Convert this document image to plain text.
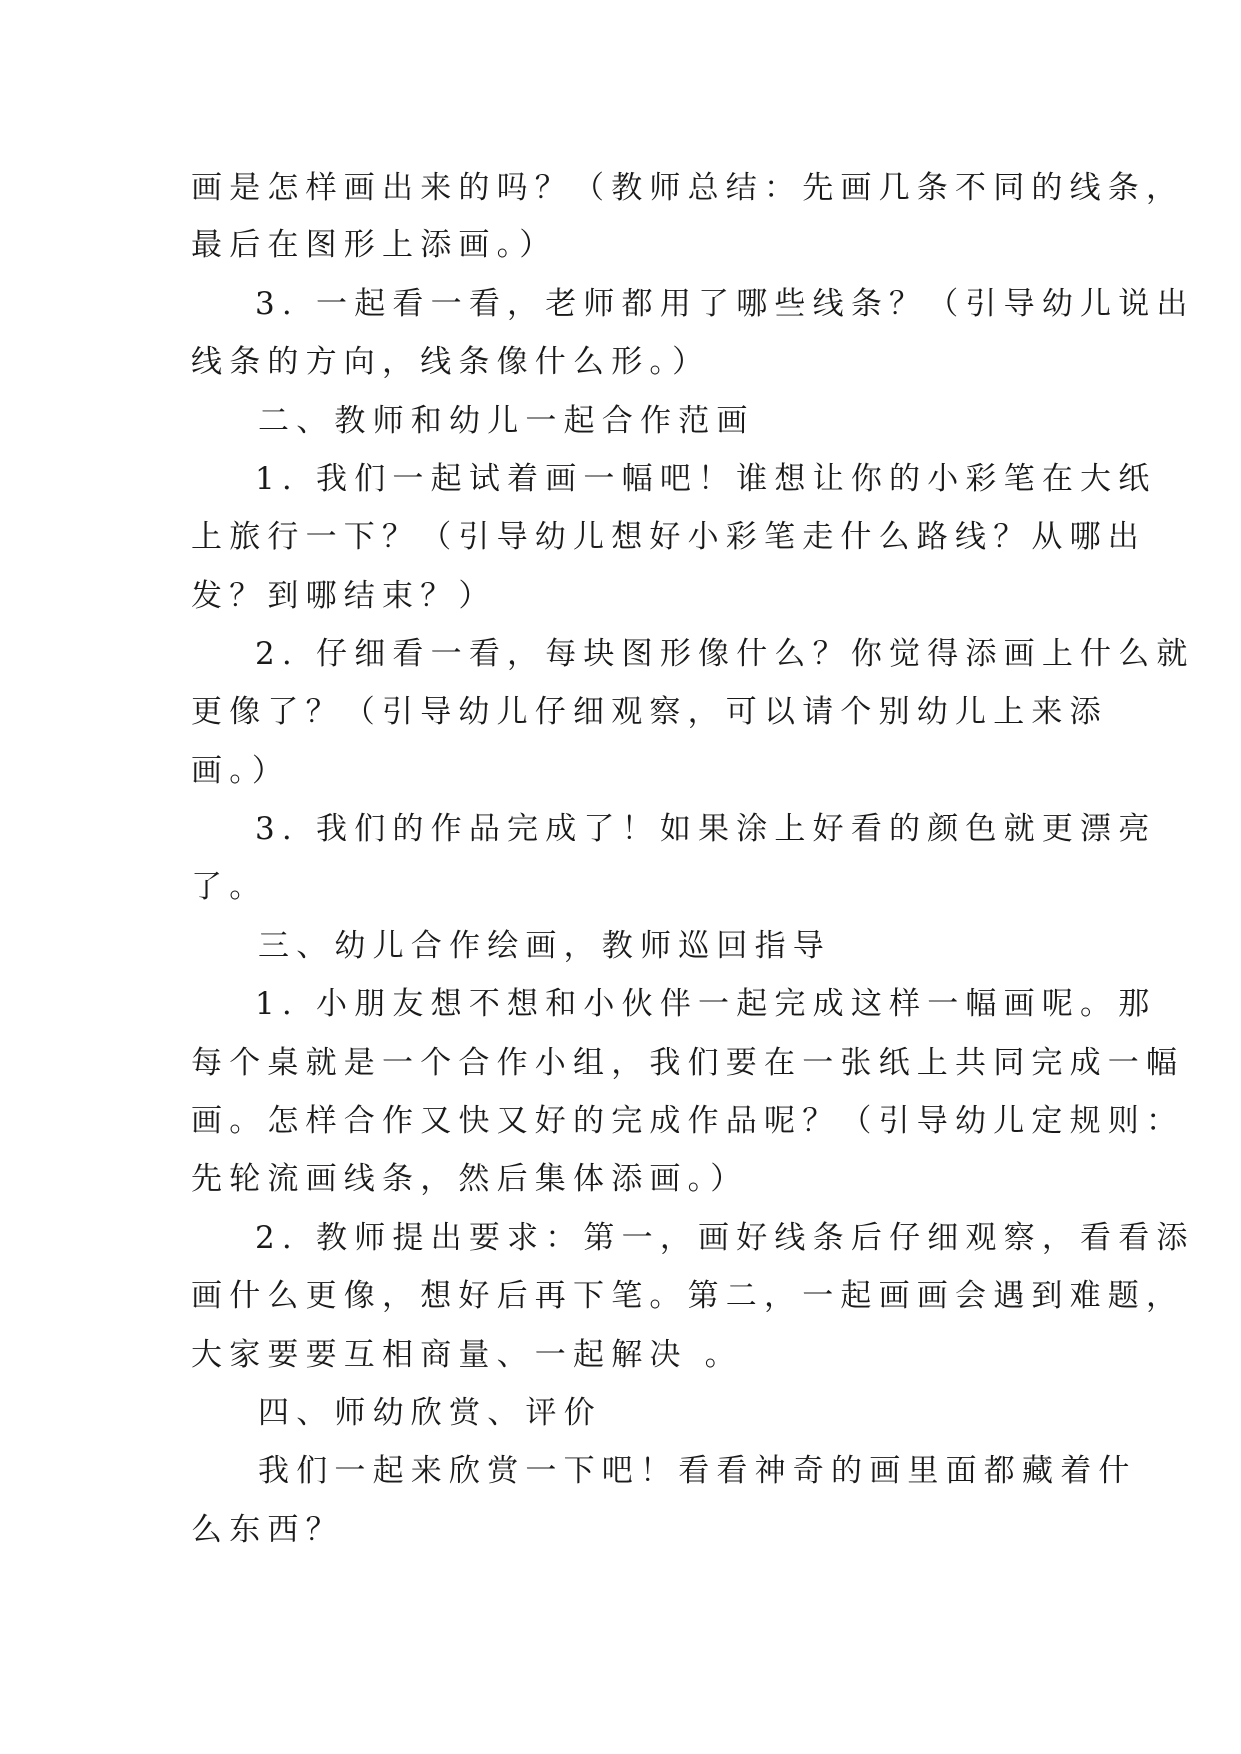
画是怎样画出来的吗？（教师总结：先画几条不同的线条，
最后在图形上添画。）
3. 一起看一看，老师都用了哪些线条？（引导幼儿说出
线条的方向，线条像什么形。）
二、教师和幼儿一起合作范画
1. 我们一起试着画一幅吧！谁想让你的小彩笔在大纸
上旅行一下？（引导幼儿想好小彩笔走什么路线？从哪出
发？到哪结束？）
2. 仔细看一看，每块图形像什么？你觉得添画上什么就
更像了？（引导幼儿仔细观察，可以请个别幼儿上来添
画。）
3. 我们的作品完成了！如果涂上好看的颜色就更漂亮
了。
三、幼儿合作绘画，教师巡回指导
1. 小朋友想不想和小伙伴一起完成这样一幅画呢。那
每个桌就是一个合作小组，我们要在一张纸上共同完成一幅
画。怎样合作又快又好的完成作品呢？（引导幼儿定规则：
先轮流画线条，然后集体添画。）
2. 教师提出要求：第一，画好线条后仔细观察，看看添
画什么更像，想好后再下笔。第二，一起画画会遇到难题，
大家要要互相商量、一起解决 。
四、师幼欣赏、评价
我们一起来欣赏一下吧！看看神奇的画里面都藏着什
么东西？
